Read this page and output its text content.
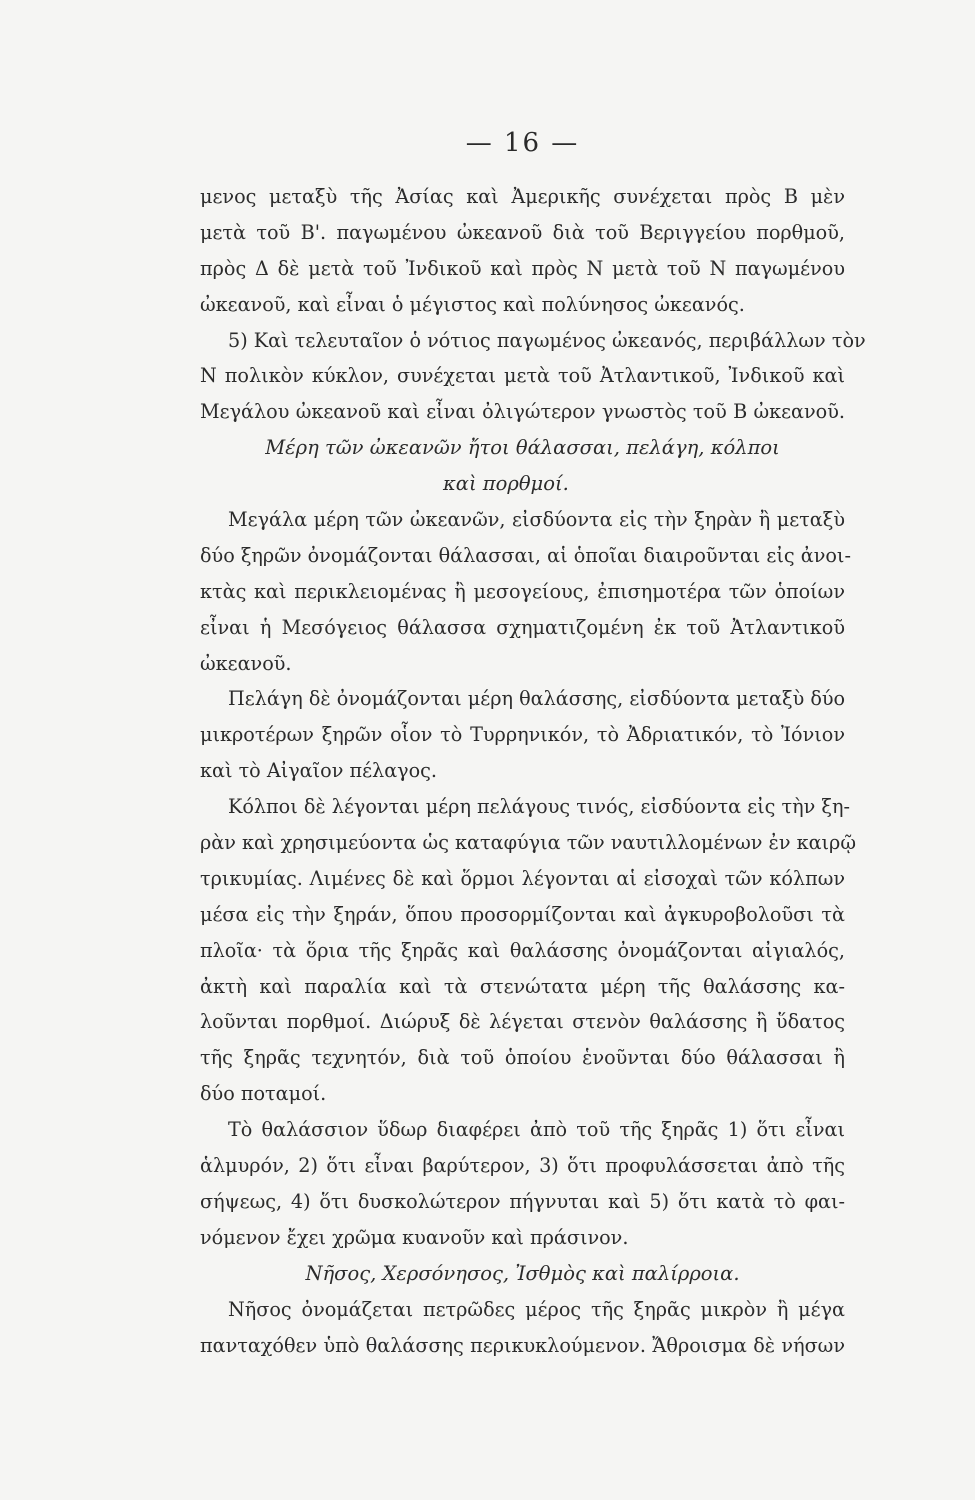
— 16 —
μενος μεταξὺ τῆς Ἀσίας καὶ Ἀμερικῆς συνέχεται πρὸς Β μὲν
μετὰ τοῦ Β'. παγωμένου ὠκεανοῦ διὰ τοῦ Βεριγγείου πορθμοῦ,
πρὸς Δ δὲ μετὰ τοῦ Ἰνδικοῦ καὶ πρὸς Ν μετὰ τοῦ Ν παγωμένου
ὠκεανοῦ, καὶ εἶναι ὁ μέγιστος καὶ πολύνησος ὠκεανός.
5) Καὶ τελευταῖον ὁ νότιος παγωμένος ὠκεανός, περιβάλλων τὸν
Ν πολικὸν κύκλον, συνέχεται μετὰ τοῦ Ἀτλαντικοῦ, Ἰνδικοῦ καὶ
Μεγάλου ὠκεανοῦ καὶ εἶναι ὀλιγώτερον γνωστὸς τοῦ Β ὠκεανοῦ.
Μέρη τῶν ὠκεανῶν ἤτοι θάλασσαι, πελάγη, κόλποι
καὶ πορθμοί.
Μεγάλα μέρη τῶν ὠκεανῶν, εἰσδύοντα εἰς τὴν ξηρὰν ἢ μεταξὺ
δύο ξηρῶν ὀνομάζονται θάλασσαι, αἱ ὁποῖαι διαιροῦνται εἰς ἀνοι-
κτὰς καὶ περικλειομένας ἢ μεσογείους, ἐπισημοτέρα τῶν ὁποίων
εἶναι ἡ Μεσόγειος θάλασσα σχηματιζομένη ἐκ τοῦ Ἀτλαντικοῦ
ὠκεανοῦ.
Πελάγη δὲ ὀνομάζονται μέρη θαλάσσης, εἰσδύοντα μεταξὺ δύο
μικροτέρων ξηρῶν οἷον τὸ Τυρρηνικόν, τὸ Ἀδριατικόν, τὸ Ἰόνιον
καὶ τὸ Αἰγαῖον πέλαγος.
Κόλποι δὲ λέγονται μέρη πελάγους τινός, εἰσδύοντα εἰς τὴν ξη-
ρὰν καὶ χρησιμεύοντα ὡς καταφύγια τῶν ναυτιλλομένων ἐν καιρῷ
τρικυμίας. Λιμένες δὲ καὶ ὅρμοι λέγονται αἱ εἰσοχαὶ τῶν κόλπων
μέσα εἰς τὴν ξηράν, ὅπου προσορμίζονται καὶ ἀγκυροβολοῦσι τὰ
πλοῖα· τὰ ὅρια τῆς ξηρᾶς καὶ θαλάσσης ὀνομάζονται αἰγιαλός,
ἀκτὴ καὶ παραλία καὶ τὰ στενώτατα μέρη τῆς θαλάσσης κα-
λοῦνται πορθμοί. Διώρυξ δὲ λέγεται στενὸν θαλάσσης ἢ ὕδατος
τῆς ξηρᾶς τεχνητόν, διὰ τοῦ ὁποίου ἑνοῦνται δύο θάλασσαι ἢ
δύο ποταμοί.
Τὸ θαλάσσιον ὕδωρ διαφέρει ἀπὸ τοῦ τῆς ξηρᾶς 1) ὅτι εἶναι
ἁλμυρόν, 2) ὅτι εἶναι βαρύτερον, 3) ὅτι προφυλάσσεται ἀπὸ τῆς
σήψεως, 4) ὅτι δυσκολώτερον πήγνυται καὶ 5) ὅτι κατὰ τὸ φαι-
νόμενον ἔχει χρῶμα κυανοῦν καὶ πράσινον.
Νῆσος, Χερσόνησος, Ἰσθμὸς καὶ παλίρροια.
Νῆσος ὀνομάζεται πετρῶδες μέρος τῆς ξηρᾶς μικρὸν ἢ μέγα
πανταχόθεν ὑπὸ θαλάσσης περικυκλούμενον. Ἄθροισμα δὲ νήσων
